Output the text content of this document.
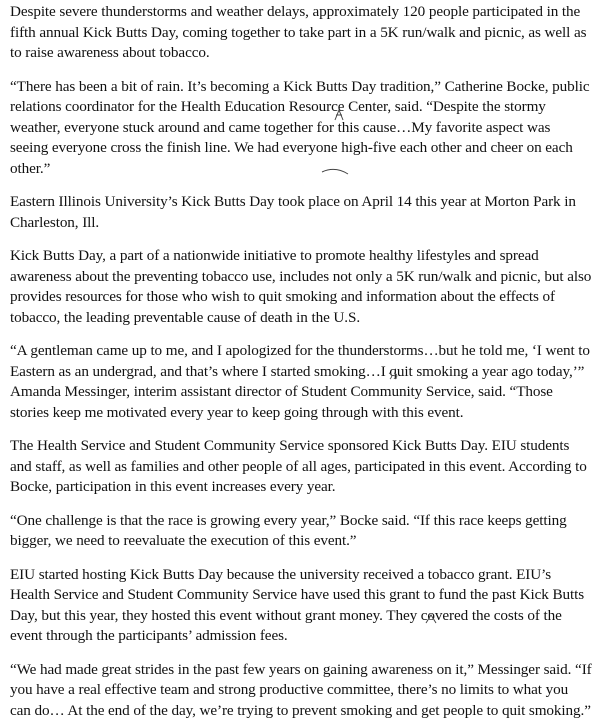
Despite severe thunderstorms and weather delays, approximately 120 people participated in the fifth annual Kick Butts Day, coming together to take part in a 5K run/walk and picnic, as well as to raise awareness about tobacco.

“There has been a bit of rain. It’s becoming a Kick Butts Day tradition,” Catherine Bocke, public relations coordinator for the Health Education Resource Center, said. “Despite the stormy weather, everyone stuck around and came together for this cause…My favorite aspect was seeing everyone cross the finish line. We had everyone high-five each other and cheer on each other.”

Eastern Illinois University’s Kick Butts Day took place on April 14 this year at Morton Park in Charleston, Ill.

Kick Butts Day, a part of a nationwide initiative to promote healthy lifestyles and spread awareness about the preventing tobacco use, includes not only a 5K run/walk and picnic, but also provides resources for those who wish to quit smoking and information about the effects of tobacco, the leading preventable cause of death in the U.S.

“A gentleman came up to me, and I apologized for the thunderstorms…but he told me, ‘I went to Eastern as an undergrad, and that’s where I started smoking…I quit smoking a year ago today,’” Amanda Messinger, interim assistant director of Student Community Service, said. “Those stories keep me motivated every year to keep going through with this event.

The Health Service and Student Community Service sponsored Kick Butts Day. EIU students and staff, as well as families and other people of all ages, participated in this event. According to Bocke, participation in this event increases every year.

“One challenge is that the race is growing every year,” Bocke said. “If this race keeps getting bigger, we need to reevaluate the execution of this event.”

EIU started hosting Kick Butts Day because the university received a tobacco grant. EIU’s Health Service and Student Community Service have used this grant to fund the past Kick Butts Day, but this year, they hosted this event without grant money. They covered the costs of the event through the participants’ admission fees.

“We had made great strides in the past few years on gaining awareness on it,” Messinger said. “If you have a real effective team and strong productive committee, there’s no limits to what you can do… At the end of the day, we’re trying to prevent smoking and get people to quit smoking.”
